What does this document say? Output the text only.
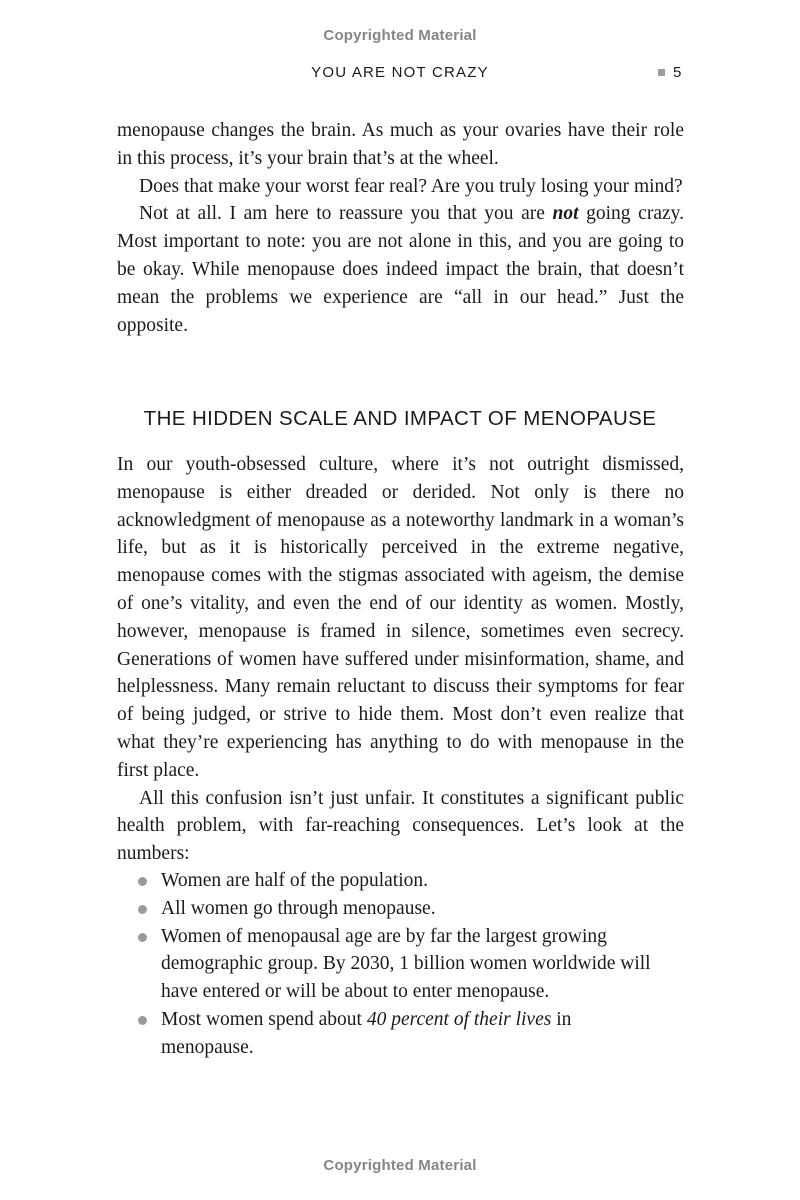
Copyrighted Material
YOU ARE NOT CRAZY	5

menopause changes the brain. As much as your ovaries have their role in this process, it’s your brain that’s at the wheel.

Does that make your worst fear real? Are you truly losing your mind?

Not at all. I am here to reassure you that you are not going crazy. Most important to note: you are not alone in this, and you are going to be okay. While menopause does indeed impact the brain, that doesn’t mean the problems we experience are “all in our head.” Just the opposite.

THE HIDDEN SCALE AND IMPACT OF MENOPAUSE

In our youth-obsessed culture, where it’s not outright dismissed, menopause is either dreaded or derided. Not only is there no acknowledgment of menopause as a noteworthy landmark in a woman’s life, but as it is historically perceived in the extreme negative, menopause comes with the stigmas associated with ageism, the demise of one’s vitality, and even the end of our identity as women. Mostly, however, menopause is framed in silence, sometimes even secrecy. Generations of women have suffered under misinformation, shame, and helplessness. Many remain reluctant to discuss their symptoms for fear of being judged, or strive to hide them. Most don’t even realize that what they’re experiencing has anything to do with menopause in the first place.

All this confusion isn’t just unfair. It constitutes a significant public health problem, with far-reaching consequences. Let’s look at the numbers:

Women are half of the population.
All women go through menopause.
Women of menopausal age are by far the largest growing demographic group. By 2030, 1 billion women worldwide will have entered or will be about to enter menopause.
Most women spend about 40 percent of their lives in menopause.
Copyrighted Material
